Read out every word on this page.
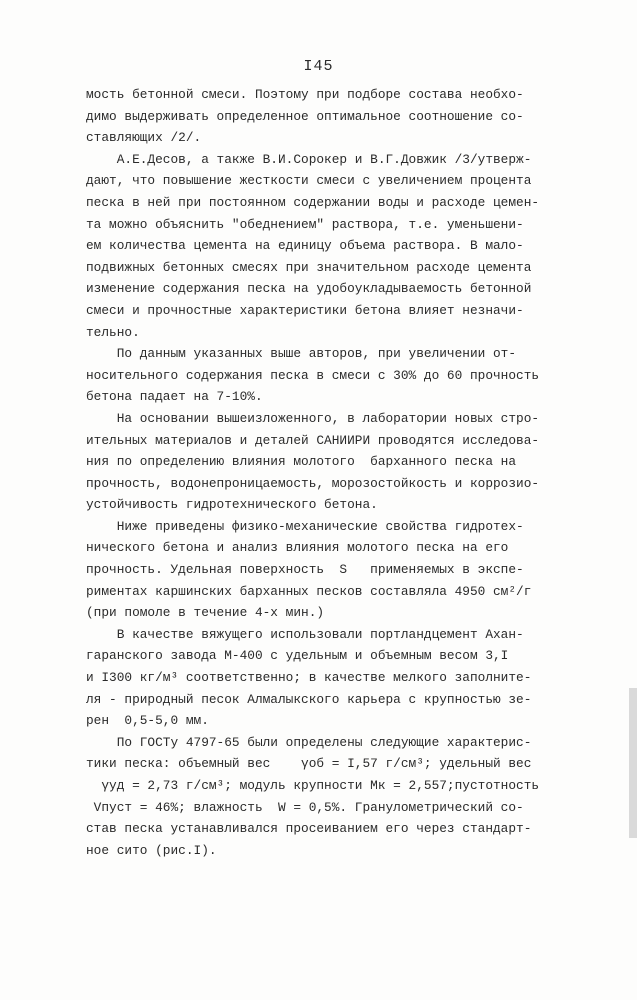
I45
мость бетонной смеси. Поэтому при подборе состава необхо-
димо выдерживать определенное оптимальное соотношение со-
ставляющих /2/.
А.Е.Десов, а также В.И.Сорокер и В.Г.Довжик /3/утверж-
дают, что повышение жесткости смеси с увеличением процента
песка в ней при постоянном содержании воды и расходе цемен-
та можно объяснить "обеднением" раствора, т.е. уменьшени-
ем количества цемента на единицу объема раствора. В мало-
подвижных бетонных смесях при значительном расходе цемента
изменение содержания песка на удобоукладываемость бетонной
смеси и прочностные характеристики бетона влияет незначи-
тельно.
По данным указанных выше авторов, при увеличении от-
носительного содержания песка в смеси с 30% до 60 прочность
бетона падает на 7-10%.
На основании вышеизложенного, в лаборатории новых стро-
ительных материалов и деталей САНИИРИ проводятся исследова-
ния по определению влияния молотого  барханного песка на
прочность, водонепроницаемость, морозостойкость и коррозио-
устойчивость гидротехнического бетона.
Ниже приведены физико-механические свойства гидротех-
нического бетона и анализ влияния молотого песка на его
прочность. Удельная поверхность  S   применяемых в экспе-
риментах каршинских барханных песков составляла 4950 см²/г
(при помоле в течение 4-х мин.)
В качестве вяжущего использовали портландцемент Ахан-
гаранского завода М-400 с удельным и объемным весом 3,I
и I300 кг/м³ соответственно; в качестве мелкого заполните-
ля - природный песок Алмалыкского карьера с крупностью зе-
рен  0,5-5,0 мм.
По ГОСТу 4797-65 были определены следующие характерис-
тики песка: объемный вес    γоб = I,57 г/см³; удельный вес
γуд = 2,73 г/см³; модуль крупности Мк = 2,557;пустотность
Vпуст = 46%; влажность  W = 0,5%. Гранулометрический со-
став песка устанавливался просеиванием его через стандарт-
ное сито (рис.I).
